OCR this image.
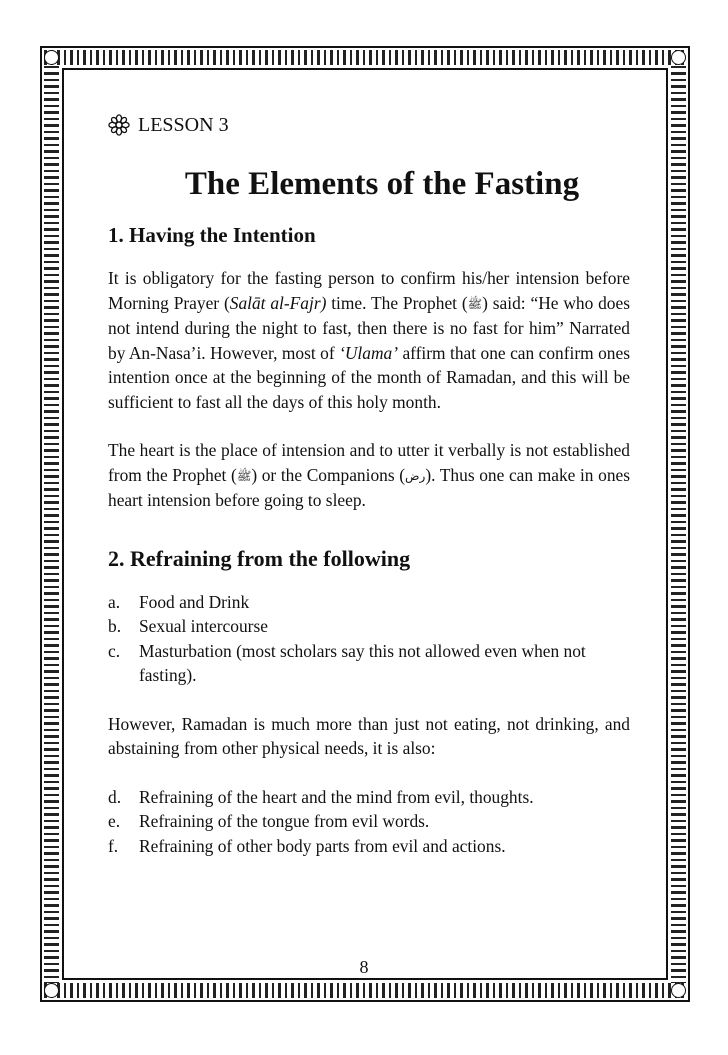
LESSON 3
The Elements of the Fasting
1. Having the Intention

It is obligatory for the fasting person to confirm his/her intension before Morning Prayer (Salāt al-Fajr) time. The Prophet (ﷺ) said: “He who does not intend during the night to fast, then there is no fast for him” Narrated by An-Nasa’i. However, most of ‘Ulama’ affirm that one can confirm ones intention once at the beginning of the month of Ramadan, and this will be sufficient to fast all the days of this holy month.

The heart is the place of intension and to utter it verbally is not established from the Prophet (ﷺ) or the Companions (رض). Thus one can make in ones heart intension before going to sleep.

2. Refraining from the following
a.	Food and Drink
b.	Sexual intercourse
c.	Masturbation (most scholars say this not allowed even when not fasting).

However, Ramadan is much more than just not eating, not drinking, and abstaining from other physical needs, it is also:

d.	Refraining of the heart and the mind from evil, thoughts.
e.	Refraining of the tongue from evil words.
f.	Refraining of other body parts from evil and actions.
8
